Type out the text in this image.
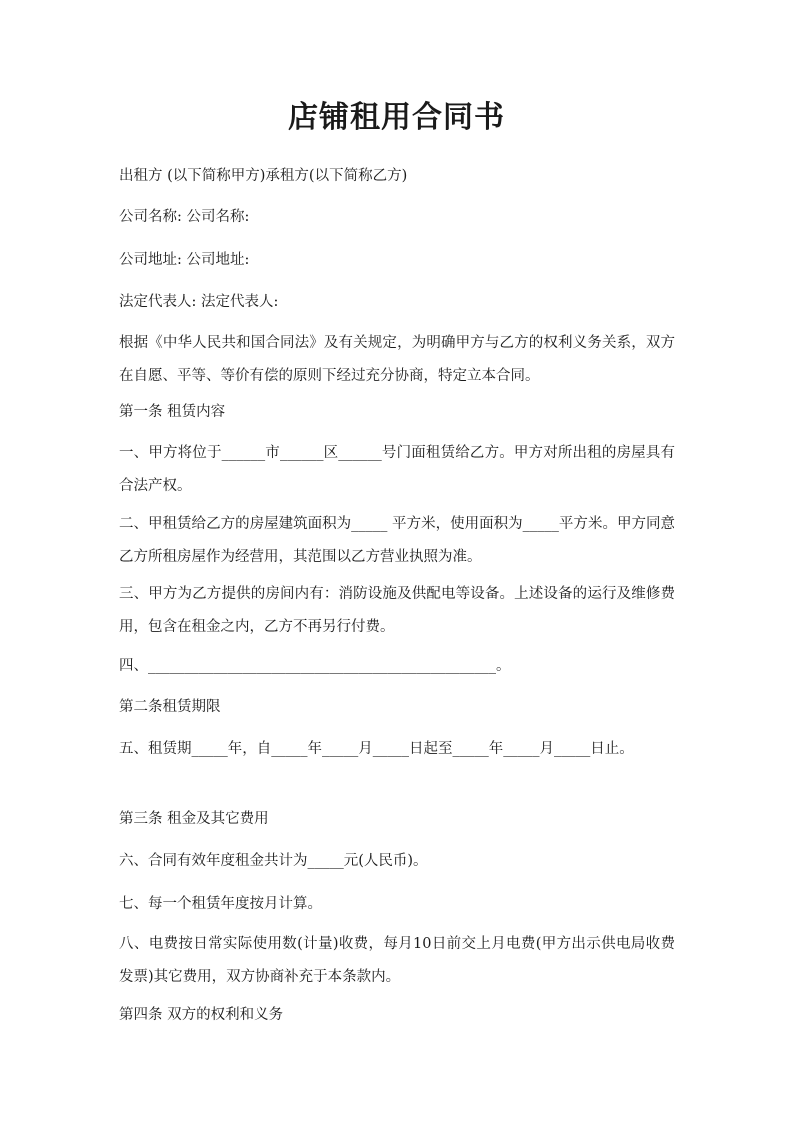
店铺租用合同书
出租方 (以下简称甲方)承租方(以下简称乙方)
公司名称: 公司名称:
公司地址: 公司地址:
法定代表人: 法定代表人:
根据《中华人民共和国合同法》及有关规定，为明确甲方与乙方的权利义务关系，双方在自愿、平等、等价有偿的原则下经过充分协商，特定立本合同。
第一条 租赁内容
一、甲方将位于______市______区______号门面租赁给乙方。甲方对所出租的房屋具有合法产权。
二、甲租赁给乙方的房屋建筑面积为_____ 平方米，使用面积为_____平方米。甲方同意乙方所租房屋作为经营用，其范围以乙方营业执照为准。
三、甲方为乙方提供的房间内有：消防设施及供配电等设备。上述设备的运行及维修费用，包含在租金之内，乙方不再另行付费。
四、________________________________________________。
第二条租赁期限
五、租赁期_____年，自_____年_____月_____日起至_____年_____月_____日止。
第三条 租金及其它费用
六、合同有效年度租金共计为_____元(人民币)。
七、每一个租赁年度按月计算。
八、电费按日常实际使用数(计量)收费，每月10日前交上月电费(甲方出示供电局收费发票)其它费用，双方协商补充于本条款内。
第四条 双方的权利和义务
